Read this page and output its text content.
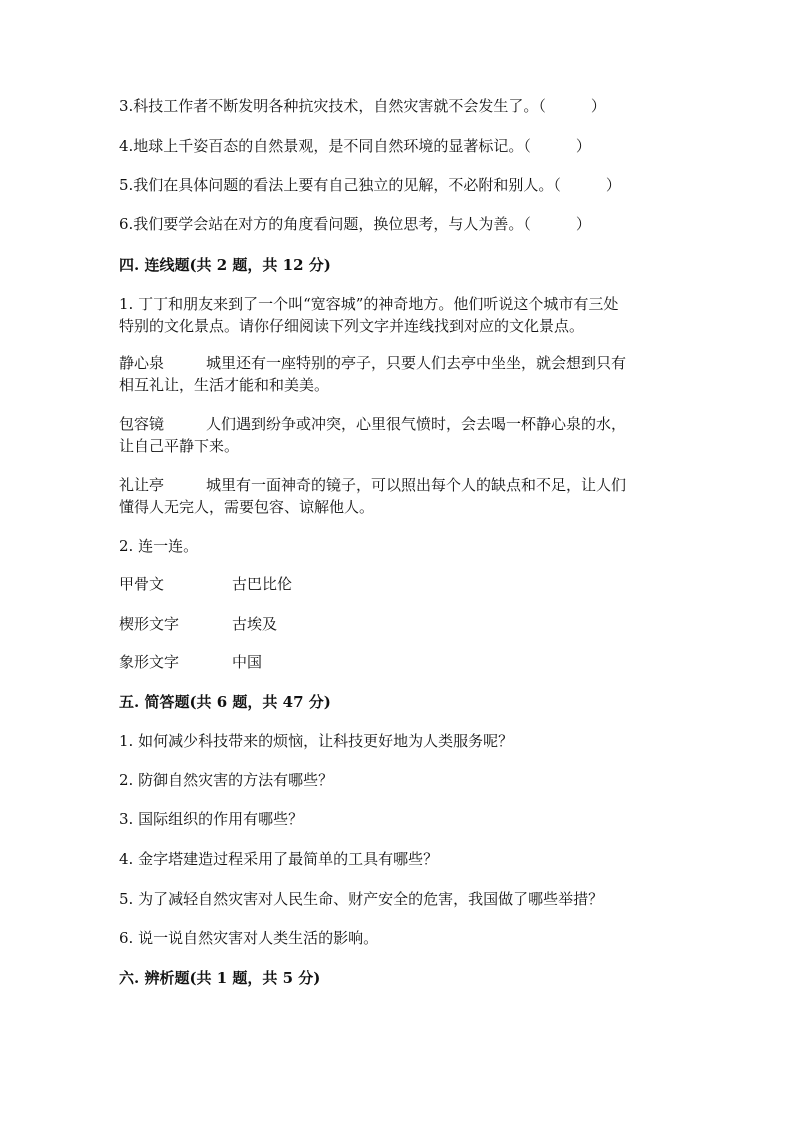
3.科技工作者不断发明各种抗灾技术，自然灾害就不会发生了。（　　　）
4.地球上千姿百态的自然景观，是不同自然环境的显著标记。（　　　）
5.我们在具体问题的看法上要有自己独立的见解，不必附和别人。（　　　）
6.我们要学会站在对方的角度看问题，换位思考，与人为善。（　　　）
四. 连线题(共 2 题，共 12 分)
1. 丁丁和朋友来到了一个叫“宽容城”的神奇地方。他们听说这个城市有三处
特别的文化景点。请你仔细阅读下列文字并连线找到对应的文化景点。
静心泉	城里还有一座特别的亭子，只要人们去亭中坐坐，就会想到只有
相互礼让，生活才能和和美美。
包容镜	人们遇到纷争或冲突，心里很气愤时，会去喝一杯静心泉的水，
让自己平静下来。
礼让亭	城里有一面神奇的镜子，可以照出每个人的缺点和不足，让人们
懂得人无完人，需要包容、谅解他人。
2. 连一连。
甲骨文	古巴比伦
楔形文字	古埃及
象形文字	中国
五. 简答题(共 6 题，共 47 分)
1. 如何减少科技带来的烦恼，让科技更好地为人类服务呢？
2. 防御自然灾害的方法有哪些？
3. 国际组织的作用有哪些？
4. 金字塔建造过程采用了最简单的工具有哪些？
5. 为了减轻自然灾害对人民生命、财产安全的危害，我国做了哪些举措？
6. 说一说自然灾害对人类生活的影响。
六. 辨析题(共 1 题，共 5 分)
